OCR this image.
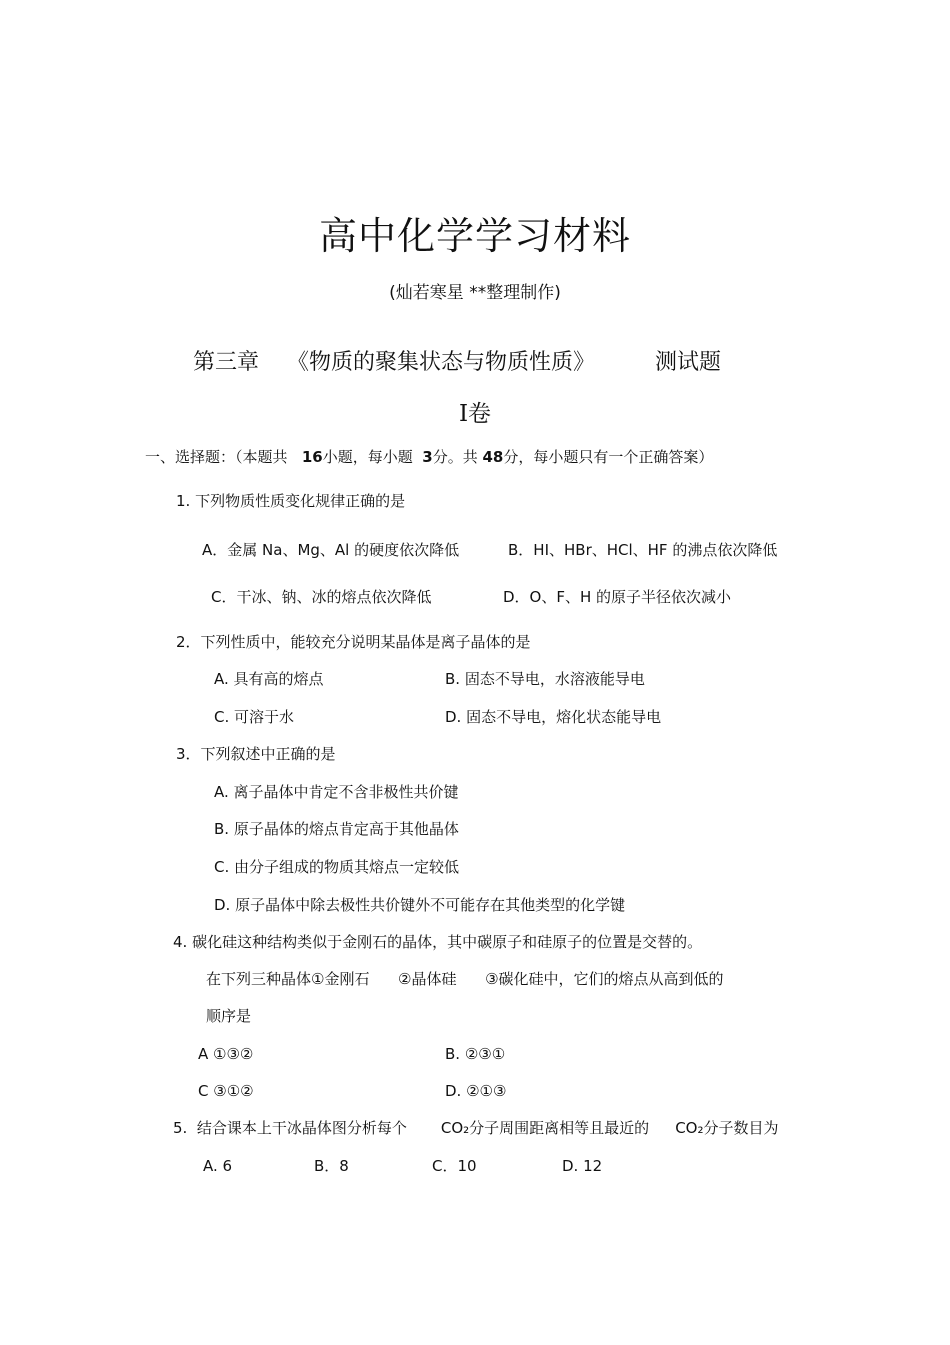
高中化学学习材料
(灿若寒星 **整理制作)
第三章 《物质的聚集状态与物质性质》	测试题
Ⅰ卷
一、选择题：（本题共 16小题，每小题 3分。共 48分，每小题只有一个正确答案）
1. 下列物质性质变化规律正确的是
A．金属 Na、Mg、Al 的硬度依次降低	B．HI、HBr、HCl、HF 的沸点依次降低
C．干冰、钠、冰的熔点依次降低	D．O、F、H 的原子半径依次减小
2．下列性质中，能较充分说明某晶体是离子晶体的是
A. 具有高的熔点	B. 固态不导电，水溶液能导电
C. 可溶于水	D. 固态不导电，熔化状态能导电
3．下列叙述中正确的是
A. 离子晶体中肯定不含非极性共价键
B. 原子晶体的熔点肯定高于其他晶体
C. 由分子组成的物质其熔点一定较低
D. 原子晶体中除去极性共价键外不可能存在其他类型的化学键
4. 碳化硅这种结构类似于金刚石的晶体，其中碳原子和硅原子的位置是交替的。
在下列三种晶体①金刚石      ②晶体硅      ③碳化硅中，它们的熔点从高到低的
顺序是
A ①③②	B. ②③①
C ③①②	D. ②①③
5. 结合课本上干冰晶体图分析每个 CO₂分子周围距离相等且最近的 CO₂分子数目为
A. 6	B．8	C．10	D. 12
